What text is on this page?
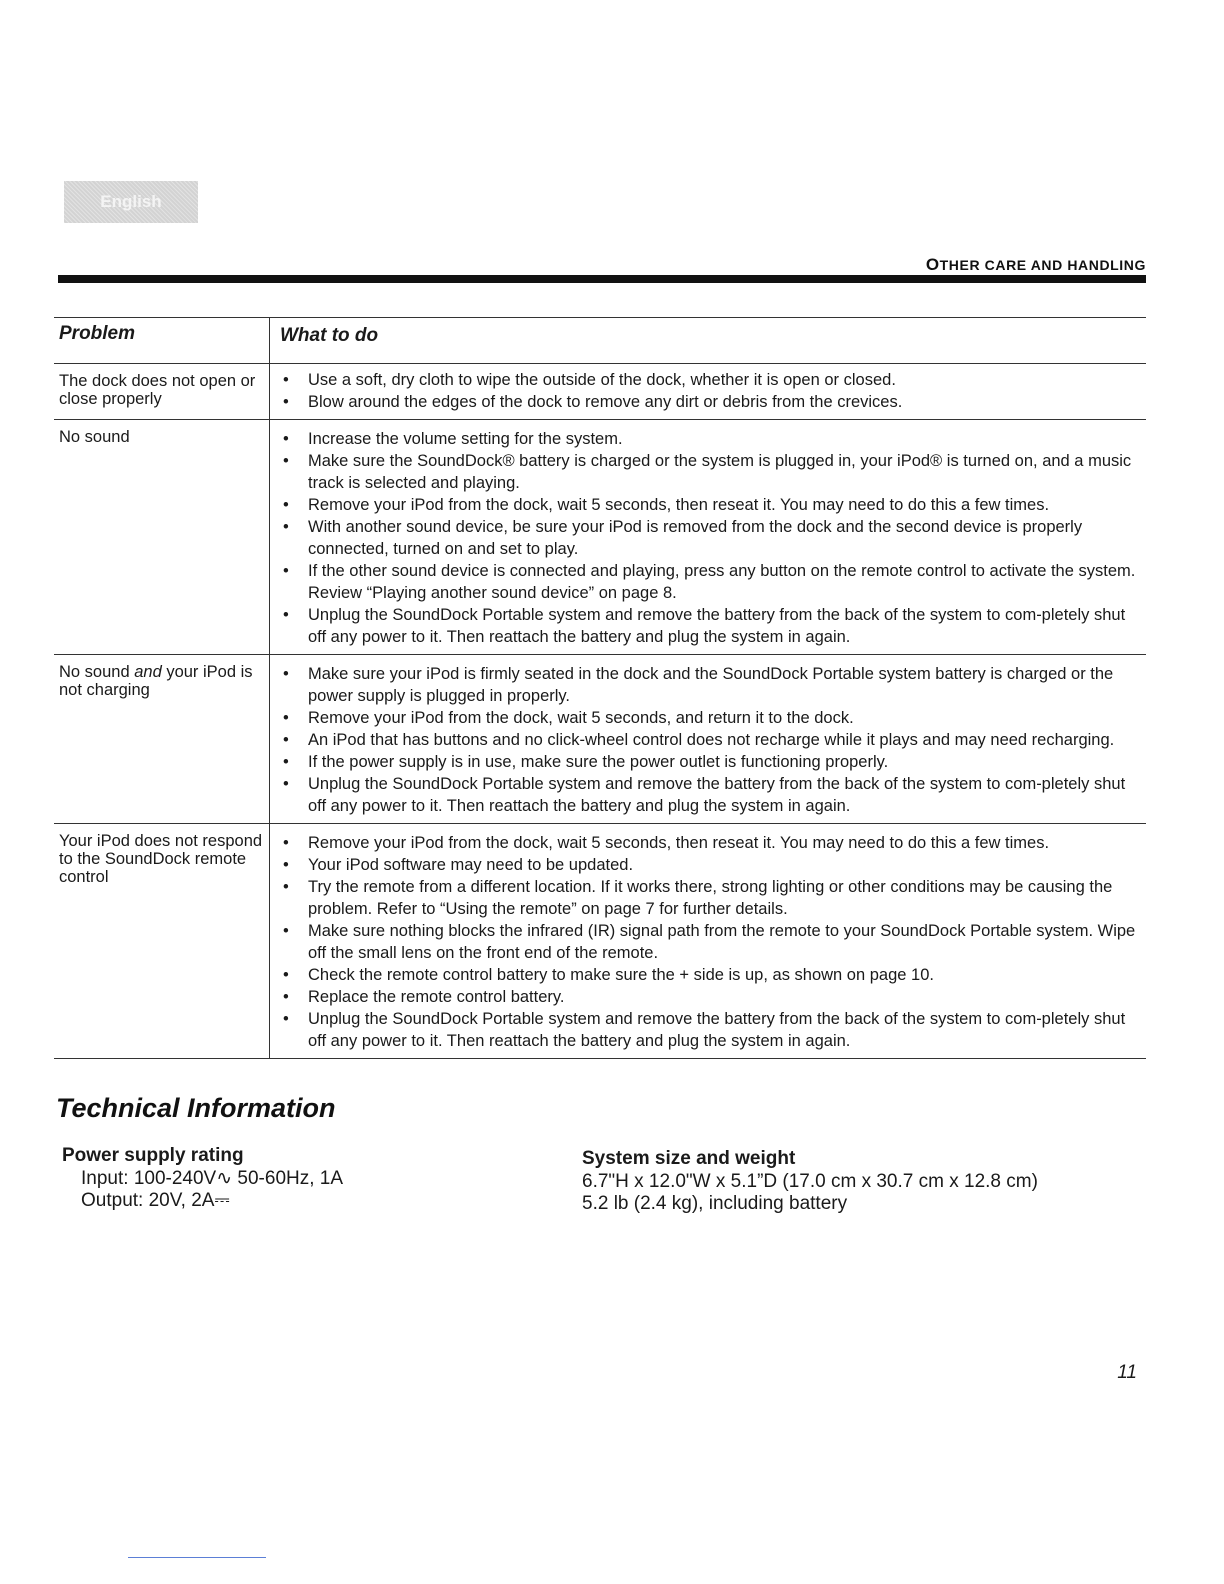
English
OTHER CARE AND HANDLING
Problem	What to do
The dock does not open or close properly
• Use a soft, dry cloth to wipe the outside of the dock, whether it is open or closed.
• Blow around the edges of the dock to remove any dirt or debris from the crevices.
No sound	• Increase the volume setting for the system.
• Make sure the SoundDock® battery is charged or the system is plugged in, your iPod® is turned on, and a music track is selected and playing.
• Remove your iPod from the dock, wait 5 seconds, then reseat it. You may need to do this a few times.
• With another sound device, be sure your iPod is removed from the dock and the second device is properly connected, turned on and set to play.
• If the other sound device is connected and playing, press any button on the remote control to activate the system. Review “Playing another sound device” on page 8.
• Unplug the SoundDock Portable system and remove the battery from the back of the system to com-pletely shut off any power to it. Then reattach the battery and plug the system in again.
No sound and your iPod is not charging
• Make sure your iPod is firmly seated in the dock and the SoundDock Portable system battery is charged or the power supply is plugged in properly.
• Remove your iPod from the dock, wait 5 seconds, and return it to the dock.
• An iPod that has buttons and no click-wheel control does not recharge while it plays and may need recharging.
• If the power supply is in use, make sure the power outlet is functioning properly.
• Unplug the SoundDock Portable system and remove the battery from the back of the system to com-pletely shut off any power to it. Then reattach the battery and plug the system in again.
Your iPod does not respond to the SoundDock remote control
• Remove your iPod from the dock, wait 5 seconds, then reseat it. You may need to do this a few times.
• Your iPod software may need to be updated.
• Try the remote from a different location. If it works there, strong lighting or other conditions may be causing the problem. Refer to “Using the remote” on page 7 for further details.
• Make sure nothing blocks the infrared (IR) signal path from the remote to your SoundDock Portable system. Wipe off the small lens on the front end of the remote.
• Check the remote control battery to make sure the + side is up, as shown on page 10.
• Replace the remote control battery.
• Unplug the SoundDock Portable system and remove the battery from the back of the system to com-pletely shut off any power to it. Then reattach the battery and plug the system in again.
Technical Information
Power supply rating
Input: 100-240V∿ 50-60Hz, 1A
Output: 20V, 2A⎓
System size and weight
6.7"H x 12.0"W x 5.1”D (17.0 cm x 30.7 cm x 12.8 cm)
5.2 lb (2.4 kg), including battery
11
